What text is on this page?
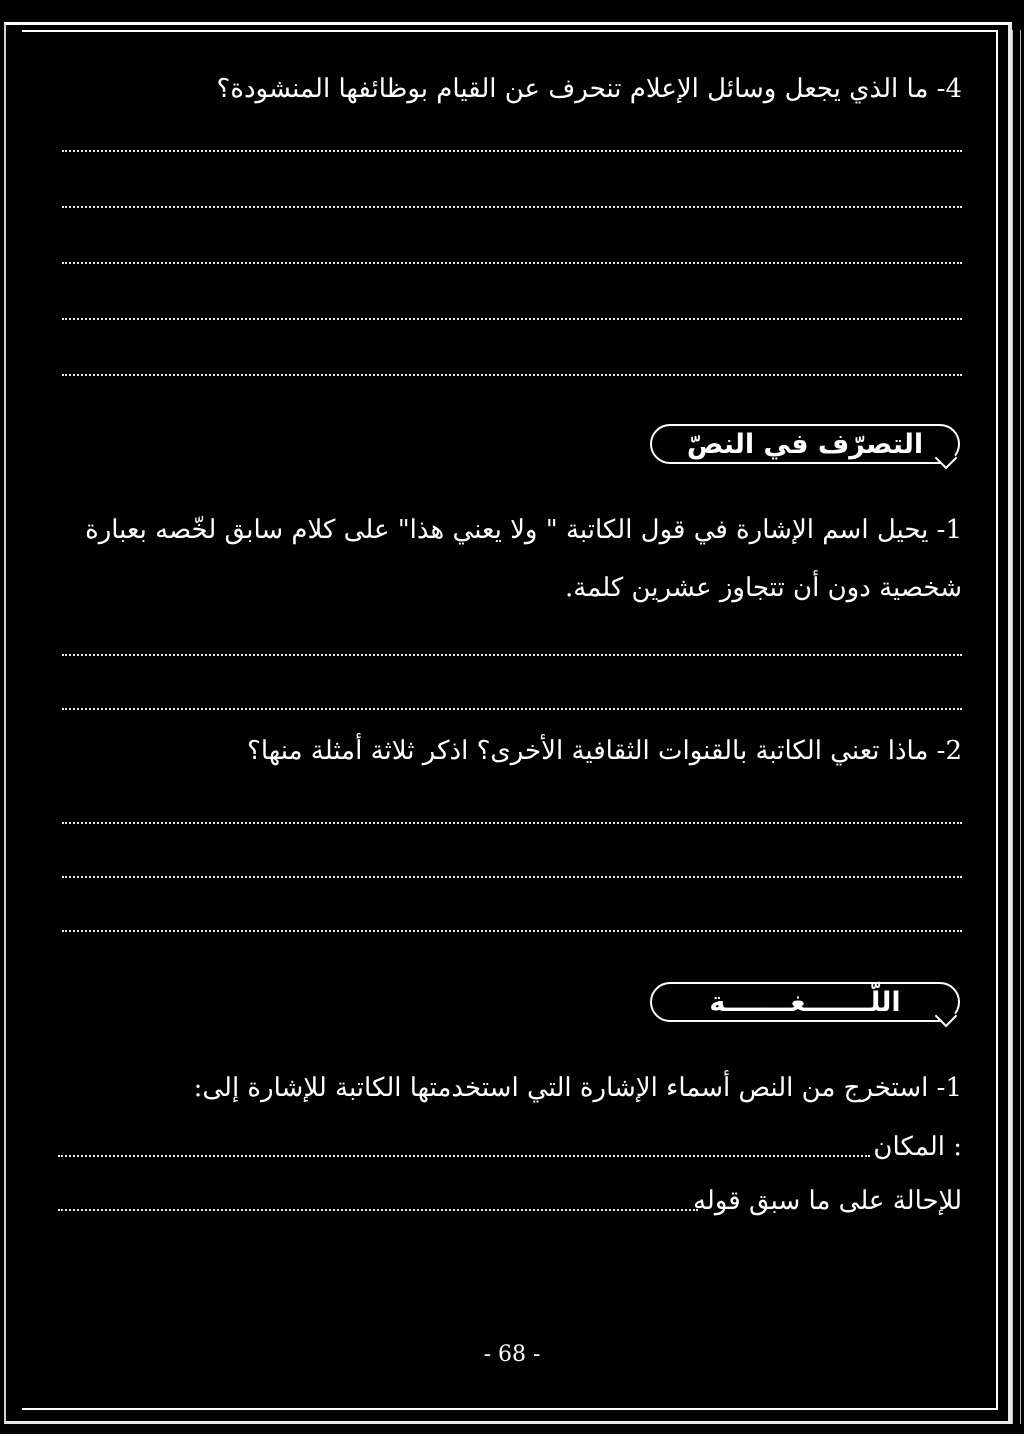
4- ما الذي يجعل وسائل الإعلام تنحرف عن القيام بوظائفها المنشودة؟
التصرّف في النصّ
1- يحيل اسم الإشارة في قول الكاتبة " ولا يعني هذا" على كلام سابق لخّصه بعبارة
شخصية دون أن تتجاوز عشرين كلمة.
2- ماذا تعني الكاتبة بالقنوات الثقافية الأخرى؟ اذكر ثلاثة أمثلة منها؟
اللّـــــــغـــــــة
1- استخرج من النص أسماء الإشارة التي استخدمتها الكاتبة للإشارة إلى:
: المكان
للإحالة على ما سبق قوله
- 68 -
